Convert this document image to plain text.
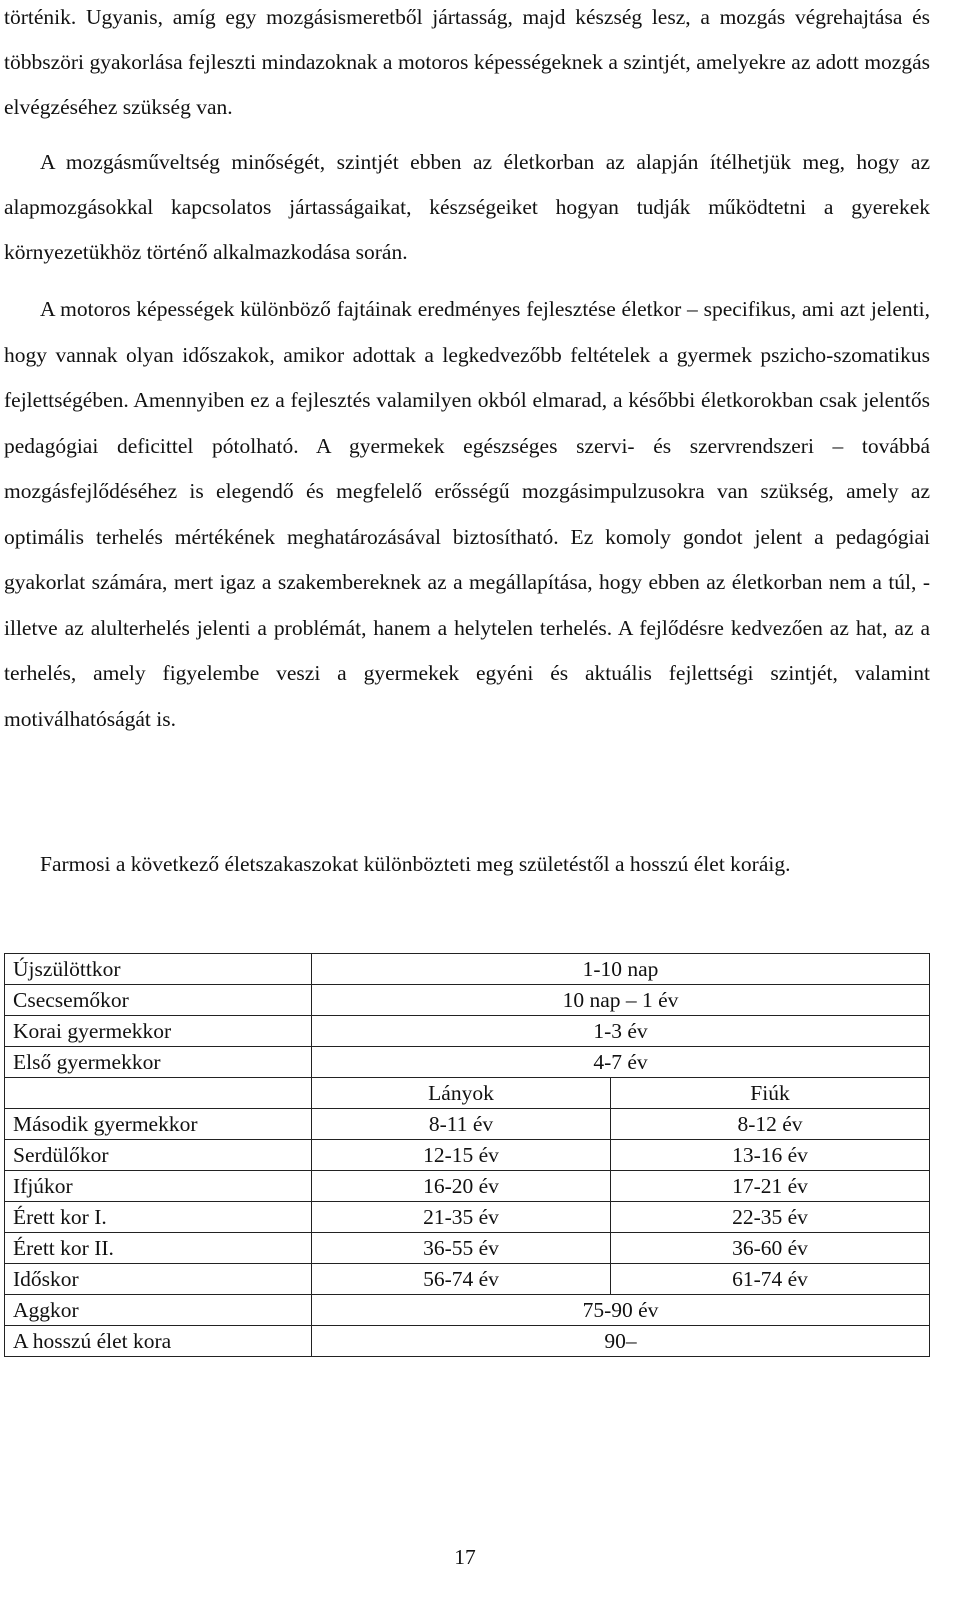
történik. Ugyanis, amíg egy mozgásismeretből jártasság, majd készség lesz, a mozgás végrehajtása és többszöri gyakorlása fejleszti mindazoknak a motoros képességeknek a szintjét, amelyekre az adott mozgás elvégzéséhez szükség van.

A mozgásműveltség minőségét, szintjét ebben az életkorban az alapján ítélhetjük meg, hogy az alapmozgásokkal kapcsolatos jártasságaikat, készségeiket hogyan tudják működtetni a gyerekek környezetükhöz történő alkalmazkodása során.

A motoros képességek különböző fajtáinak eredményes fejlesztése életkor – specifikus, ami azt jelenti, hogy vannak olyan időszakok, amikor adottak a legkedvezőbb feltételek a gyermek pszicho-szomatikus fejlettségében. Amennyiben ez a fejlesztés valamilyen okból elmarad, a későbbi életkorokban csak jelentős pedagógiai deficittel pótolható. A gyermekek egészséges szervi- és szervrendszeri – továbbá mozgásfejlődéséhez is elegendő és megfelelő erősségű mozgásimpulzusokra van szükség, amely az optimális terhelés mértékének meghatározásával biztosítható. Ez komoly gondot jelent a pedagógiai gyakorlat számára, mert igaz a szakembereknek az a megállapítása, hogy ebben az életkorban nem a túl, - illetve az alulterhelés jelenti a problémát, hanem a helytelen terhelés. A fejlődésre kedvezően az hat, az a terhelés, amely figyelembe veszi a gyermekek egyéni és aktuális fejlettségi szintjét, valamint motiválhatóságát is.

Farmosi a következő életszakaszokat különbözteti meg születéstől a hosszú élet koráig.

Újszülöttkor	1-10 nap	
Csecsemőkor	10 nap – 1 év	
Korai gyermekkor	1-3 év	
Első gyermekkor	4-7 év	
	Lányok	Fiúk
Második gyermekkor	8-11 év	8-12 év
Serdülőkor	12-15 év	13-16 év
Ifjúkor	16-20 év	17-21 év
Érett kor I.	21-35 év	22-35 év
Érett kor II.	36-55 év	36-60 év
Időskor	56-74 év	61-74 év
Aggkor	75-90 év	
A hosszú élet kora	90–	
17
